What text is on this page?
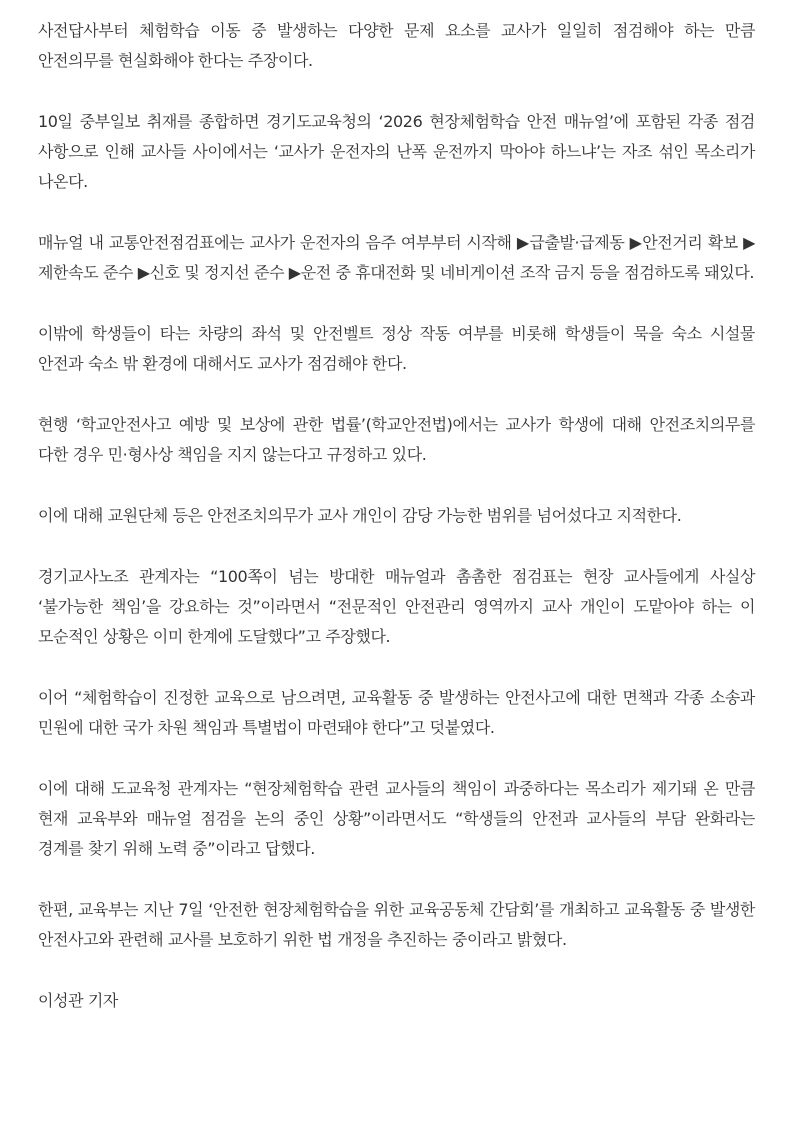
사전답사부터 체험학습 이동 중 발생하는 다양한 문제 요소를 교사가 일일히 점검해야 하는 만큼 안전의무를 현실화해야 한다는 주장이다.

10일 중부일보 취재를 종합하면 경기도교육청의 ‘2026 현장체험학습 안전 매뉴얼’에 포함된 각종 점검 사항으로 인해 교사들 사이에서는 ‘교사가 운전자의 난폭 운전까지 막아야 하느냐’는 자조 섞인 목소리가 나온다.

매뉴얼 내 교통안전점검표에는 교사가 운전자의 음주 여부부터 시작해 ▶급출발·급제동 ▶안전거리 확보 ▶제한속도 준수 ▶신호 및 정지선 준수 ▶운전 중 휴대전화 및 네비게이션 조작 금지 등을 점검하도록 돼있다.

이밖에 학생들이 타는 차량의 좌석 및 안전벨트 정상 작동 여부를 비롯해 학생들이 묵을 숙소 시설물 안전과 숙소 밖 환경에 대해서도 교사가 점검해야 한다.

현행 ‘학교안전사고 예방 및 보상에 관한 법률’(학교안전법)에서는 교사가 학생에 대해 안전조치의무를 다한 경우 민·형사상 책임을 지지 않는다고 규정하고 있다.

이에 대해 교원단체 등은 안전조치의무가 교사 개인이 감당 가능한 범위를 넘어섰다고 지적한다.

경기교사노조 관계자는 “100쪽이 넘는 방대한 매뉴얼과 촘촘한 점검표는 현장 교사들에게 사실상 ‘불가능한 책임’을 강요하는 것”이라면서 “전문적인 안전관리 영역까지 교사 개인이 도맡아야 하는 이 모순적인 상황은 이미 한계에 도달했다”고 주장했다.

이어 “체험학습이 진정한 교육으로 남으려면, 교육활동 중 발생하는 안전사고에 대한 면책과 각종 소송과 민원에 대한 국가 차원 책임과 특별법이 마련돼야 한다”고 덧붙였다.

이에 대해 도교육청 관계자는 “현장체험학습 관련 교사들의 책임이 과중하다는 목소리가 제기돼 온 만큼 현재 교육부와 매뉴얼 점검을 논의 중인 상황”이라면서도 “학생들의 안전과 교사들의 부담 완화라는 경계를 찾기 위해 노력 중”이라고 답했다.

한편, 교육부는 지난 7일 ‘안전한 현장체험학습을 위한 교육공동체 간담회’를 개최하고 교육활동 중 발생한 안전사고와 관련해 교사를 보호하기 위한 법 개정을 추진하는 중이라고 밝혔다.

이성관 기자
